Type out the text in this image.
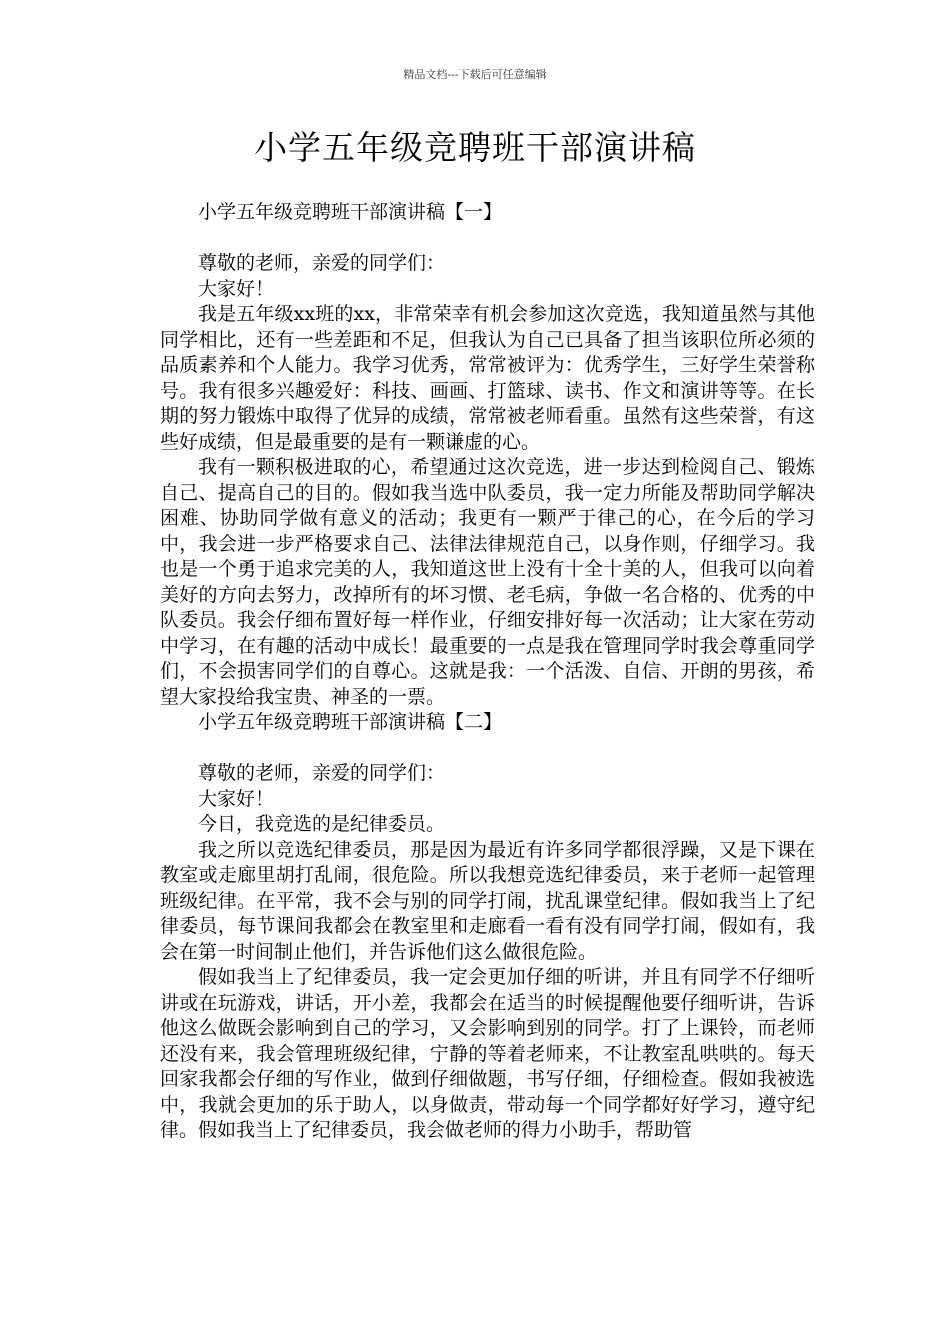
精品文档---下载后可任意编辑
小学五年级竞聘班干部演讲稿

小学五年级竞聘班干部演讲稿【一】

尊敬的老师，亲爱的同学们：

大家好！

我是五年级xx班的xx，非常荣幸有机会参加这次竞选，我知道虽然与其他同学相比，还有一些差距和不足，但我认为自己已具备了担当该职位所必须的品质素养和个人能力。我学习优秀，常常被评为：优秀学生，三好学生荣誉称号。我有很多兴趣爱好：科技、画画、打篮球、读书、作文和演讲等等。在长期的努力锻炼中取得了优异的成绩，常常被老师看重。虽然有这些荣誉，有这些好成绩，但是最重要的是有一颗谦虚的心。

我有一颗积极进取的心，希望通过这次竞选，进一步达到检阅自己、锻炼自己、提高自己的目的。假如我当选中队委员，我一定力所能及帮助同学解决困难、协助同学做有意义的活动；我更有一颗严于律己的心，在今后的学习中，我会进一步严格要求自己、法律法律规范自己，以身作则，仔细学习。我也是一个勇于追求完美的人，我知道这世上没有十全十美的人，但我可以向着美好的方向去努力，改掉所有的坏习惯、老毛病，争做一名合格的、优秀的中队委员。我会仔细布置好每一样作业，仔细安排好每一次活动；让大家在劳动中学习，在有趣的活动中成长！最重要的一点是我在管理同学时我会尊重同学们，不会损害同学们的自尊心。这就是我：一个活泼、自信、开朗的男孩，希望大家投给我宝贵、神圣的一票。

小学五年级竞聘班干部演讲稿【二】

尊敬的老师，亲爱的同学们：

大家好！

今日，我竞选的是纪律委员。

我之所以竞选纪律委员，那是因为最近有许多同学都很浮躁，又是下课在教室或走廊里胡打乱闹，很危险。所以我想竞选纪律委员，来于老师一起管理班级纪律。在平常，我不会与别的同学打闹，扰乱课堂纪律。假如我当上了纪律委员，每节课间我都会在教室里和走廊看一看有没有同学打闹，假如有，我会在第一时间制止他们，并告诉他们这么做很危险。

假如我当上了纪律委员，我一定会更加仔细的听讲，并且有同学不仔细听讲或在玩游戏，讲话，开小差，我都会在适当的时候提醒他要仔细听讲，告诉他这么做既会影响到自己的学习，又会影响到别的同学。打了上课铃，而老师还没有来，我会管理班级纪律，宁静的等着老师来，不让教室乱哄哄的。每天回家我都会仔细的写作业，做到仔细做题，书写仔细，仔细检查。假如我被选中，我就会更加的乐于助人，以身做责，带动每一个同学都好好学习，遵守纪律。假如我当上了纪律委员，我会做老师的得力小助手，帮助管
